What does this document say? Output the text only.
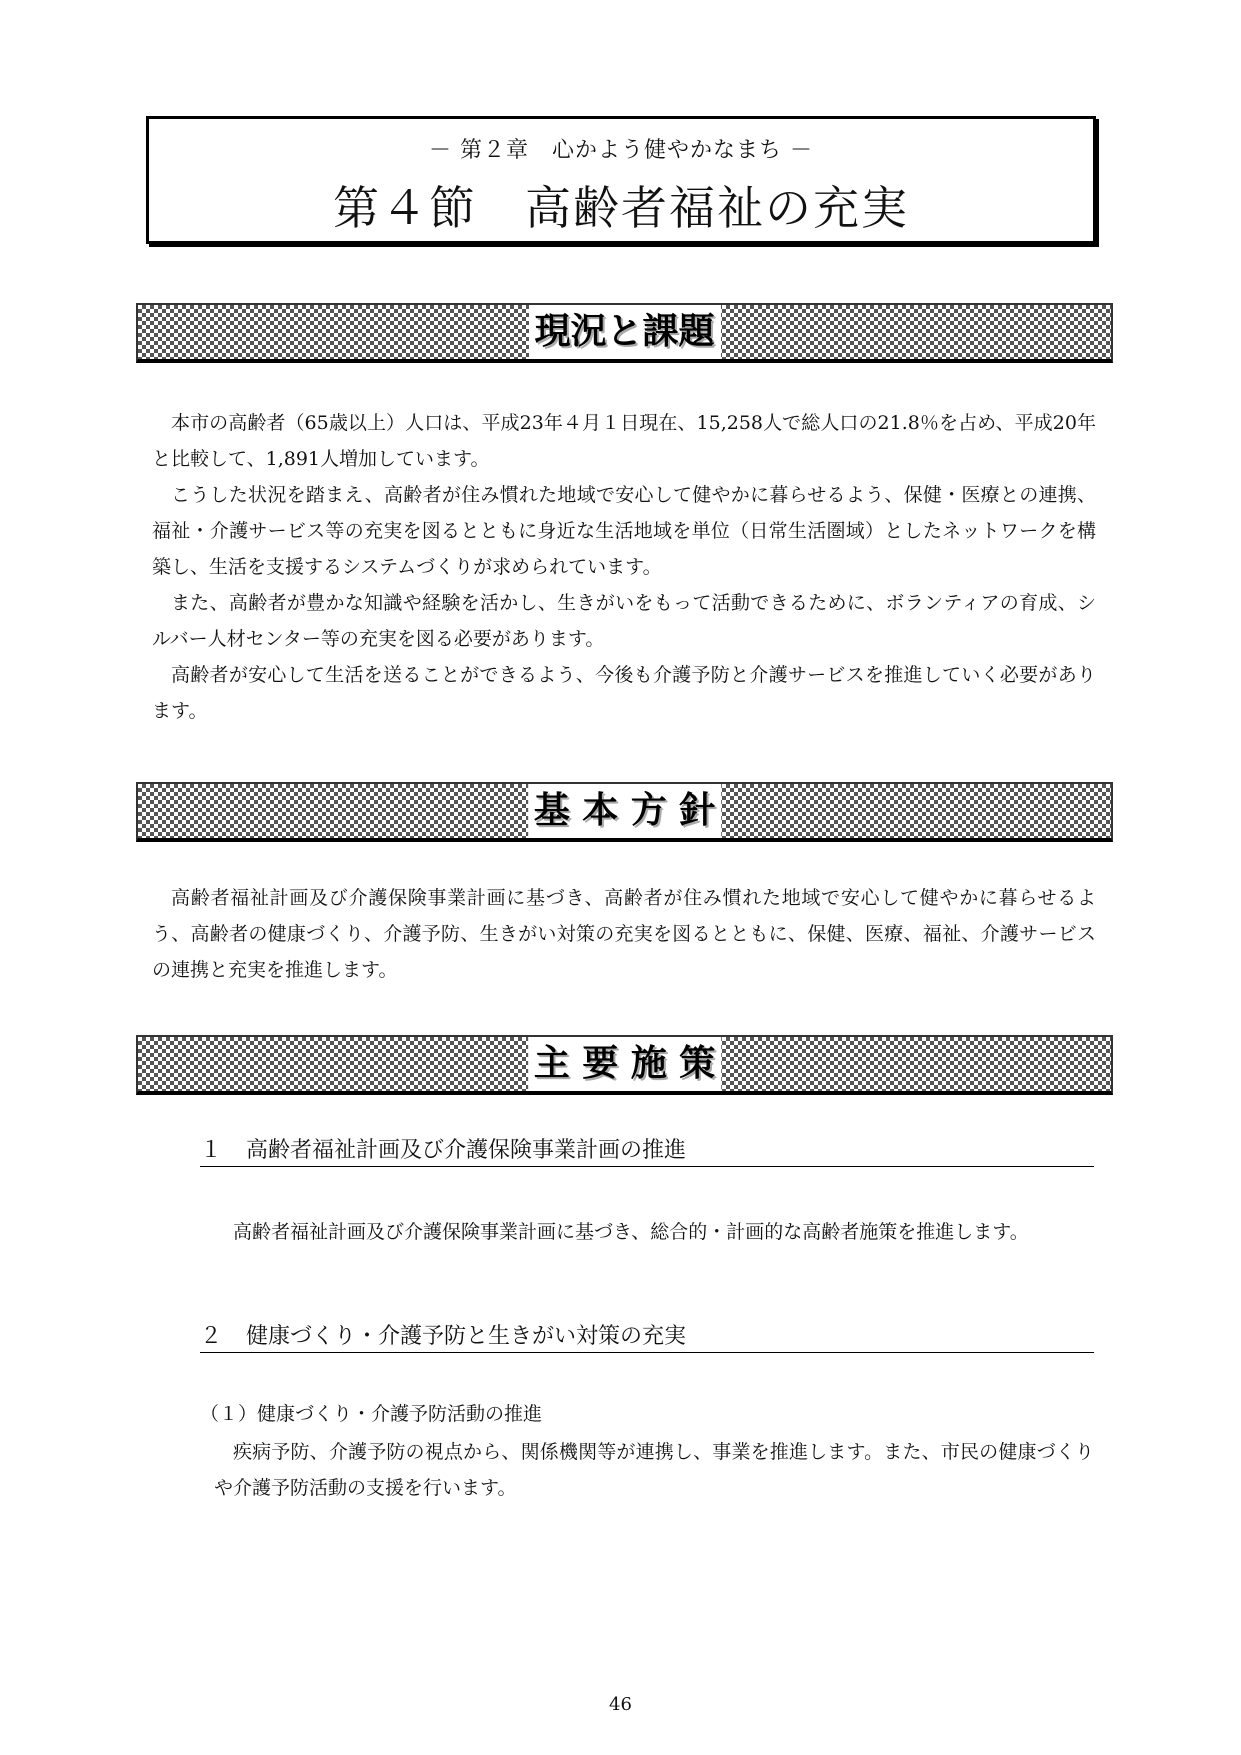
－ 第２章　心かよう健やかなまち －
第４節　高齢者福祉の充実
現況と課題

本市の高齢者（65歳以上）人口は、平成23年４月１日現在、15,258人で総人口の21.8％を占め、平成20年と比較して、1,891人増加しています。

こうした状況を踏まえ、高齢者が住み慣れた地域で安心して健やかに暮らせるよう、保健・医療との連携、福祉・介護サービス等の充実を図るとともに身近な生活地域を単位（日常生活圏域）としたネットワークを構築し、生活を支援するシステムづくりが求められています。

また、高齢者が豊かな知識や経験を活かし、生きがいをもって活動できるために、ボランティアの育成、シルバー人材センター等の充実を図る必要があります。

高齢者が安心して生活を送ることができるよう、今後も介護予防と介護サービスを推進していく必要があります。

基 本 方 針

高齢者福祉計画及び介護保険事業計画に基づき、高齢者が住み慣れた地域で安心して健やかに暮らせるよう、高齢者の健康づくり、介護予防、生きがい対策の充実を図るとともに、保健、医療、福祉、介護サービスの連携と充実を推進します。

主 要 施 策
１ 高齢者福祉計画及び介護保険事業計画の推進

高齢者福祉計画及び介護保険事業計画に基づき、総合的・計画的な高齢者施策を推進します。

２ 健康づくり・介護予防と生きがい対策の充実
（１）健康づくり・介護予防活動の推進

疾病予防、介護予防の視点から、関係機関等が連携し、事業を推進します。また、市民の健康づくりや介護予防活動の支援を行います。

46
